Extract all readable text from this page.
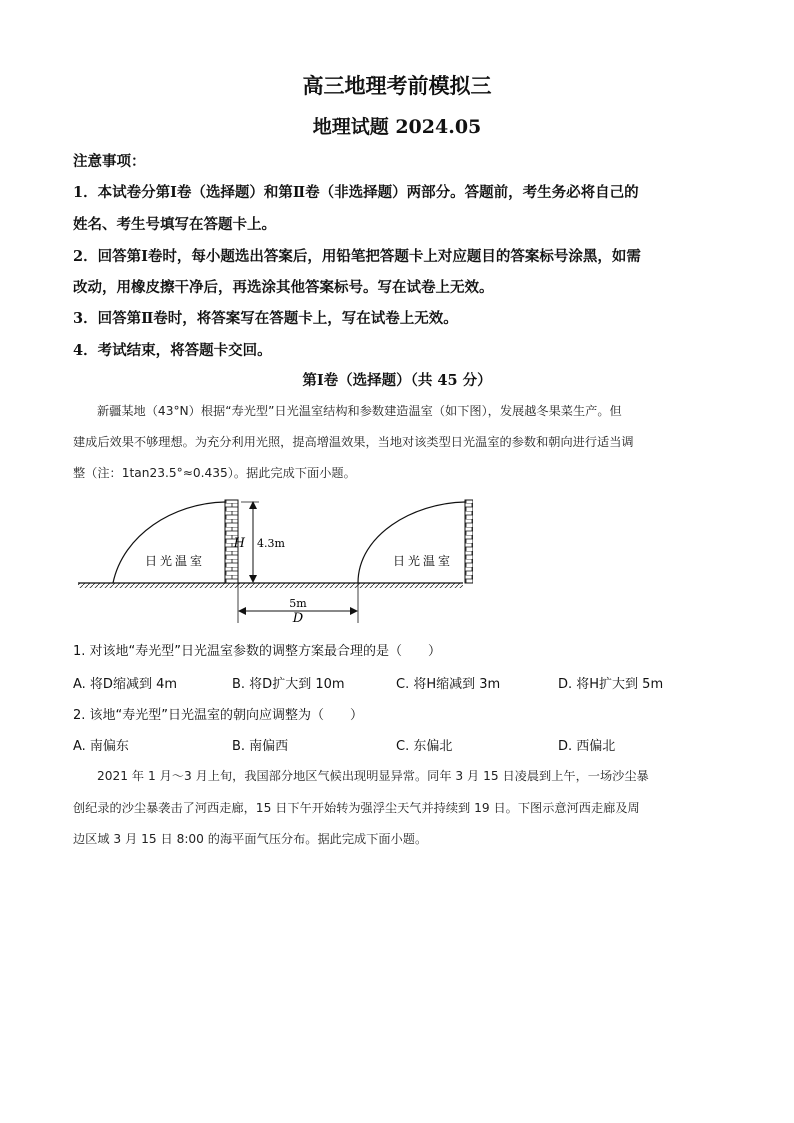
高三地理考前模拟三
地理试题 2024.05
注意事项：
1．本试卷分第Ⅰ卷（选择题）和第Ⅱ卷（非选择题）两部分。答题前，考生务必将自己的
姓名、考生号填写在答题卡上。
2．回答第Ⅰ卷时，每小题选出答案后，用铅笔把答题卡上对应题目的答案标号涂黑，如需
改动，用橡皮擦干净后，再选涂其他答案标号。写在试卷上无效。
3．回答第Ⅱ卷时，将答案写在答题卡上，写在试卷上无效。
4．考试结束，将答题卡交回。
第Ⅰ卷（选择题）（共 45 分）
新疆某地（43°N）根据“寿光型”日光温室结构和参数建造温室（如下图），发展越冬果菜生产。但
建成后效果不够理想。为充分利用光照，提高增温效果，当地对该类型日光温室的参数和朝向进行适当调
整（注：1tan23.5°≈0.435）。据此完成下面小题。
H 4.3m
日光温室	日光温室
5m
D
1. 对该地“寿光型”日光温室参数的调整方案最合理的是（　　）
A. 将D缩减到 4m	B. 将D扩大到 10m	C. 将H缩减到 3m	D. 将H扩大到 5m
2. 该地“寿光型”日光温室的朝向应调整为（　　）
A. 南偏东	B. 南偏西	C. 东偏北	D. 西偏北
2021 年 1 月～3 月上旬，我国部分地区气候出现明显异常。同年 3 月 15 日凌晨到上午，一场沙尘暴
创纪录的沙尘暴袭击了河西走廊，15 日下午开始转为强浮尘天气并持续到 19 日。下图示意河西走廊及周
边区域 3 月 15 日 8:00 的海平面气压分布。据此完成下面小题。
